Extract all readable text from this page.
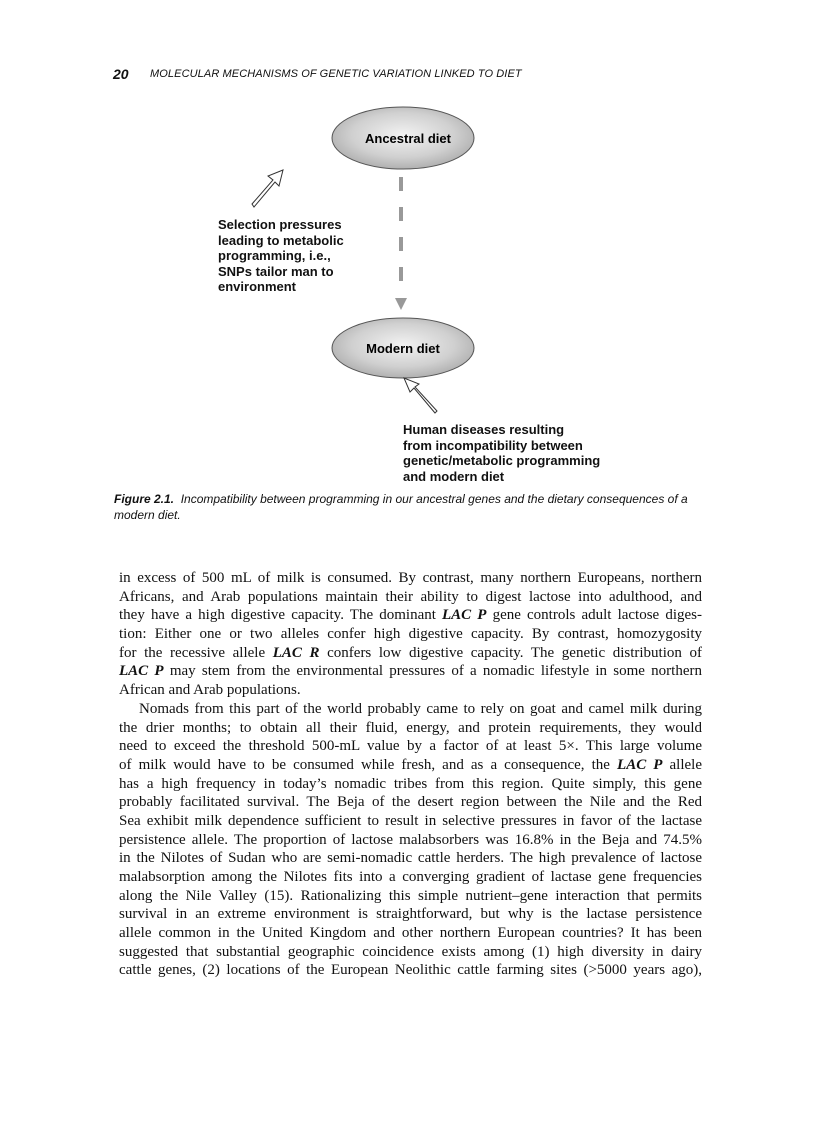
20 MOLECULAR MECHANISMS OF GENETIC VARIATION LINKED TO DIET
Ancestral diet
Modern diet
Selection pressures
leading to metabolic
programming, i.e.,
SNPs tailor man to
environment
Human diseases resulting
from incompatibility between
genetic/metabolic programming
and modern diet
Figure 2.1. Incompatibility between programming in our ancestral genes and the dietary consequences of a modern diet.
in excess of 500 mL of milk is consumed. By contrast, many northern Europeans, northern
Africans, and Arab populations maintain their ability to digest lactose into adulthood, and
they have a high digestive capacity. The dominant LAC P gene controls adult lactose diges-
tion: Either one or two alleles confer high digestive capacity. By contrast, homozygosity
for the recessive allele LAC R confers low digestive capacity. The genetic distribution of
LAC P may stem from the environmental pressures of a nomadic lifestyle in some northern
African and Arab populations.
Nomads from this part of the world probably came to rely on goat and camel milk during
the drier months; to obtain all their fluid, energy, and protein requirements, they would
need to exceed the threshold 500-mL value by a factor of at least 5×. This large volume
of milk would have to be consumed while fresh, and as a consequence, the LAC P allele
has a high frequency in today’s nomadic tribes from this region. Quite simply, this gene
probably facilitated survival. The Beja of the desert region between the Nile and the Red
Sea exhibit milk dependence sufficient to result in selective pressures in favor of the lactase
persistence allele. The proportion of lactose malabsorbers was 16.8% in the Beja and 74.5%
in the Nilotes of Sudan who are semi-nomadic cattle herders. The high prevalence of lactose
malabsorption among the Nilotes fits into a converging gradient of lactase gene frequencies
along the Nile Valley (15). Rationalizing this simple nutrient–gene interaction that permits
survival in an extreme environment is straightforward, but why is the lactase persistence
allele common in the United Kingdom and other northern European countries? It has been
suggested that substantial geographic coincidence exists among (1) high diversity in dairy
cattle genes, (2) locations of the European Neolithic cattle farming sites (>5000 years ago),
